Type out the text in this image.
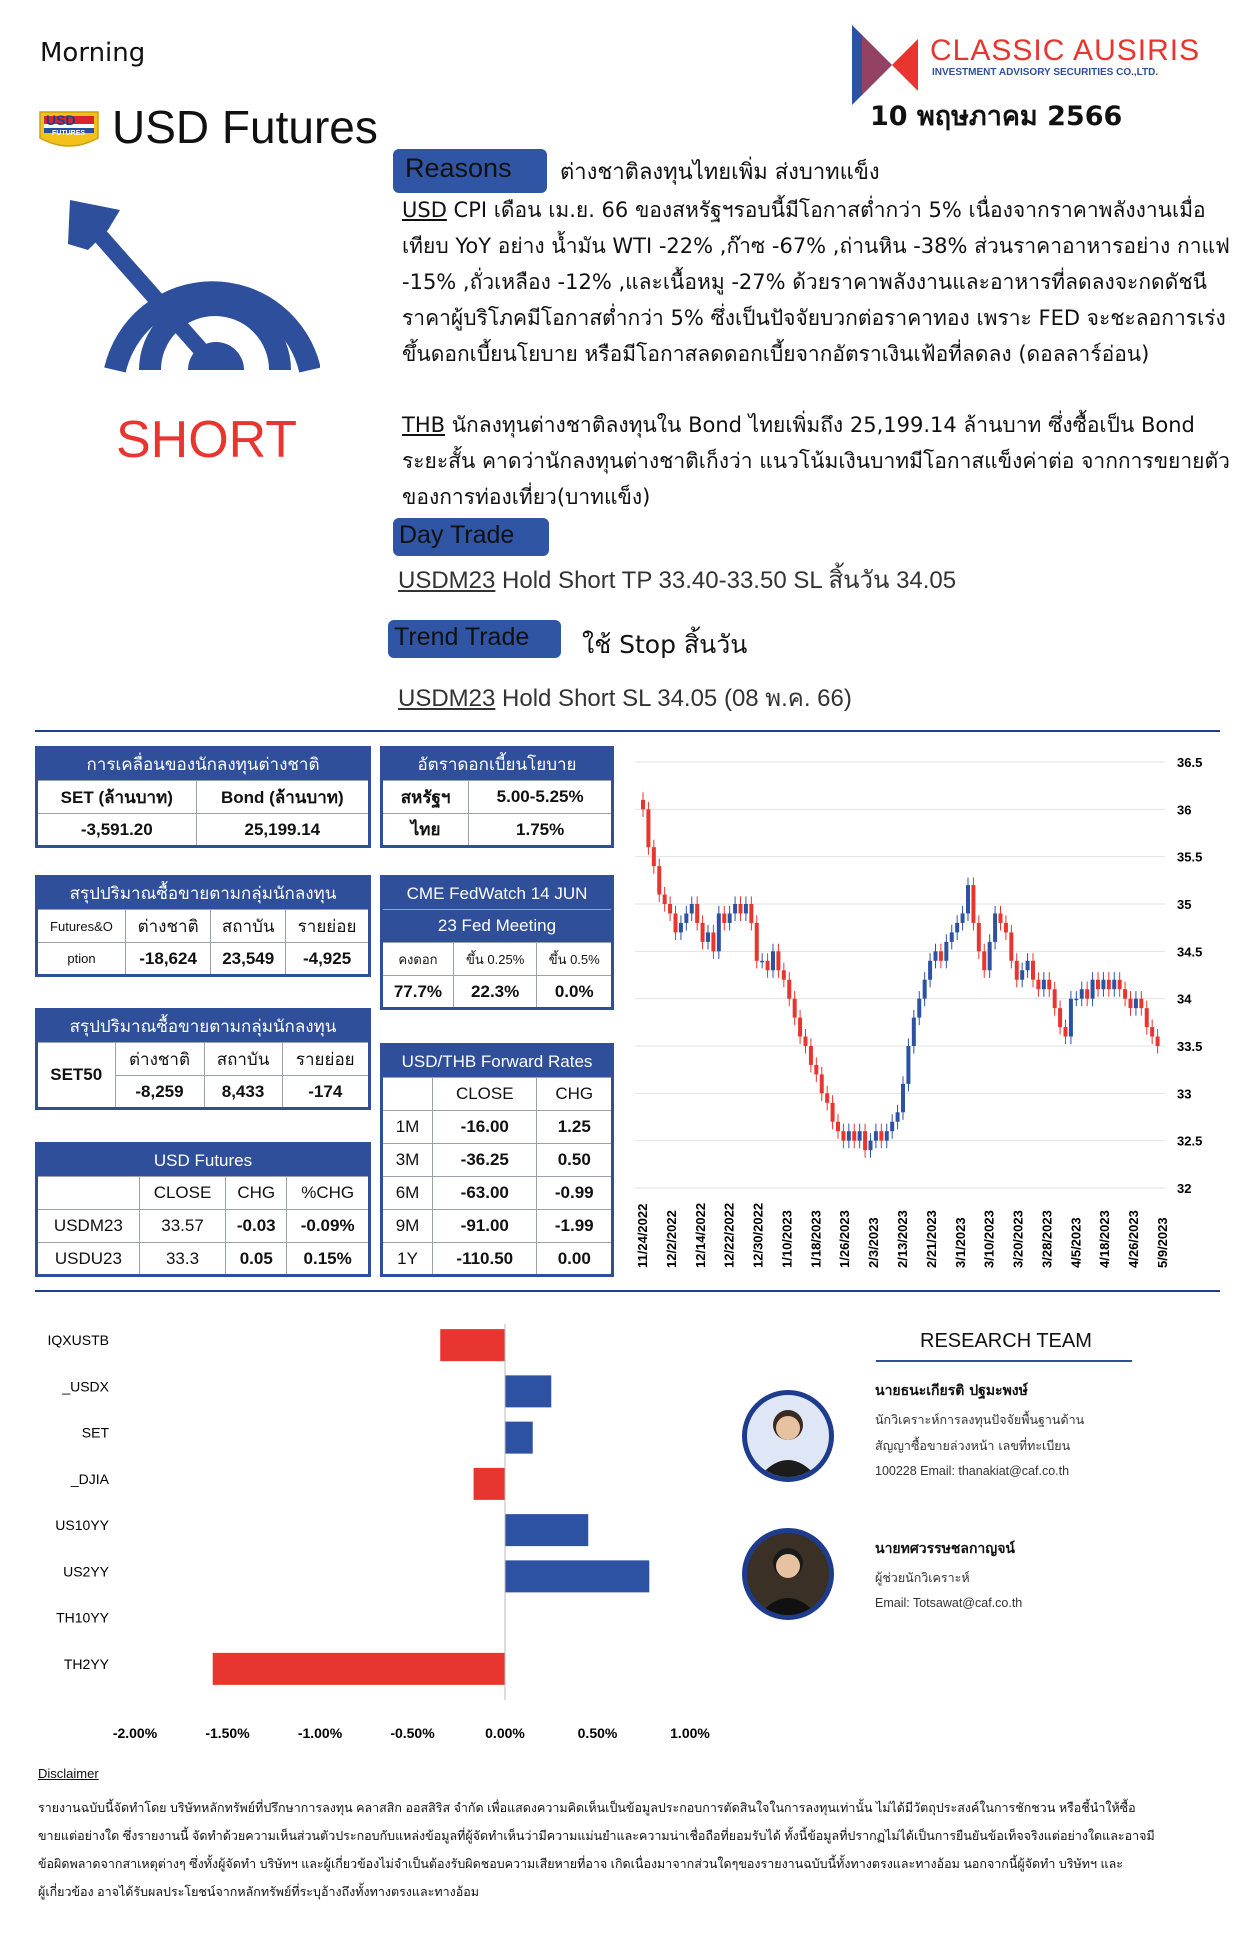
Morning
USD
FUTURES USD Futures
CLASSIC AUSIRIS
INVESTMENT ADVISORY SECURITIES CO.,LTD.
10 พฤษภาคม 2566
SHORT
Reasons	ต่างชาติลงทุนไทยเพิ่ม ส่งบาทแข็ง
USD CPI เดือน เม.ย. 66 ของสหรัฐฯรอบนี้มีโอกาสต่ำกว่า 5% เนื่องจากราคาพลังงานเมื่อเทียบ YoY อย่าง น้ำมัน WTI -22% ,ก๊าซ -67% ,ถ่านหิน -38% ส่วนราคาอาหารอย่าง กาแฟ -15% ,ถั่วเหลือง -12% ,และเนื้อหมู -27% ด้วยราคาพลังงานและอาหารที่ลดลงจะกดดัชนีราคาผู้บริโภคมีโอกาสต่ำกว่า 5% ซึ่งเป็นปัจจัยบวกต่อราคาทอง เพราะ FED จะชะลอการเร่งขึ้นดอกเบี้ยนโยบาย หรือมีโอกาสลดดอกเบี้ยจากอัตราเงินเฟ้อที่ลดลง (ดอลลาร์อ่อน)
THB นักลงทุนต่างชาติลงทุนใน Bond ไทยเพิ่มถึง 25,199.14 ล้านบาท ซึ่งซื้อเป็น Bond ระยะสั้น คาดว่านักลงทุนต่างชาติเก็งว่า แนวโน้มเงินบาทมีโอกาสแข็งค่าต่อ จากการขยายตัวของการท่องเที่ยว(บาทแข็ง)
Day Trade
USDM23 Hold Short TP 33.40-33.50 SL สิ้นวัน 34.05
Trend Trade	ใช้ Stop สิ้นวัน
USDM23 Hold Short SL 34.05 (08 พ.ค. 66)
การเคลื่อนของนักลงทุนต่างชาติ	
SET (ล้านบาท)	Bond (ล้านบาท)
-3,591.20	25,199.14
อัตราดอกเบี้ยนโยบาย	
สหรัฐฯ	5.00-5.25%
ไทย	1.75%
สรุปปริมาณซื้อขายตามกลุ่มนักลงทุน			
Futures&O	ต่างชาติ	สถาบัน	รายย่อย
ption	-18,624	23,549	-4,925
CME FedWatch 14 JUN		
23 Fed Meeting		
คงดอก	ขึ้น 0.25%	ขึ้น 0.5%
77.7%	22.3%	0.0%
สรุปปริมาณซื้อขายตามกลุ่มนักลงทุน			
SET50	ต่างชาติ	สถาบัน	รายย่อย
	-8,259	8,433	-174
USD/THB Forward Rates		
	CLOSE	CHG
1M	-16.00	1.25
3M	-36.25	0.50
6M	-63.00	-0.99
9M	-91.00	-1.99
1Y	-110.50	0.00
USD Futures			
	CLOSE	CHG	%CHG
USDM23	33.57	-0.03	-0.09%
USDU23	33.3	0.05	0.15%
36.5
36
35.5
35
34.5
34
33.5
33
32.5
32
11/24/2022 12/2/2022 12/14/2022 12/22/2022 12/30/2022 1/10/2023 1/18/2023 1/26/2023 2/3/2023 2/13/2023 2/21/2023 3/1/2023 3/10/2023 3/20/2023 3/28/2023 4/5/2023 4/18/2023 4/26/2023 5/9/2023
IQXUSTB
_USDX
SET
_DJIA
US10YY
US2YY
TH10YY
TH2YY
-2.00%	-1.50%	-1.00%	-0.50%	0.00%	0.50%	1.00%
RESEARCH TEAM
นายธนะเกียรติ ปฐมะพงษ์
นักวิเคราะห์การลงทุนปัจจัยพื้นฐานด้าน
สัญญาซื้อขายล่วงหน้า เลขที่ทะเบียน
100228 Email: thanakiat@caf.co.th
นายทศวรรษชลกาญจน์
ผู้ช่วยนักวิเคราะห์
Email: Totsawat@caf.co.th
Disclaimer
รายงานฉบับนี้จัดทำโดย บริษัทหลักทรัพย์ที่ปรึกษาการลงทุน คลาสสิก ออสสิริส จำกัด เพื่อแสดงความคิดเห็นเป็นข้อมูลประกอบการตัดสินใจในการลงทุนเท่านั้น ไม่ได้มีวัตถุประสงค์ในการชักชวน หรือชี้นำให้ซื้อ
ขายแต่อย่างใด ซึ่งรายงานนี้ จัดทำด้วยความเห็นส่วนตัวประกอบกับแหล่งข้อมูลที่ผู้จัดทำเห็นว่ามีความแม่นยำและความน่าเชื่อถือที่ยอมรับได้ ทั้งนี้ข้อมูลที่ปรากฏไม่ได้เป็นการยืนยันข้อเท็จจริงแต่อย่างใดและอาจมี
ข้อผิดพลาดจากสาเหตุต่างๆ ซึ่งทั้งผู้จัดทำ บริษัทฯ และผู้เกี่ยวข้องไม่จำเป็นต้องรับผิดชอบความเสียหายที่อาจ เกิดเนื่องมาจากส่วนใดๆของรายงานฉบับนี้ทั้งทางตรงและทางอ้อม นอกจากนี้ผู้จัดทำ บริษัทฯ และ
ผู้เกี่ยวข้อง อาจได้รับผลประโยชน์จากหลักทรัพย์ที่ระบุอ้างถึงทั้งทางตรงและทางอ้อม
